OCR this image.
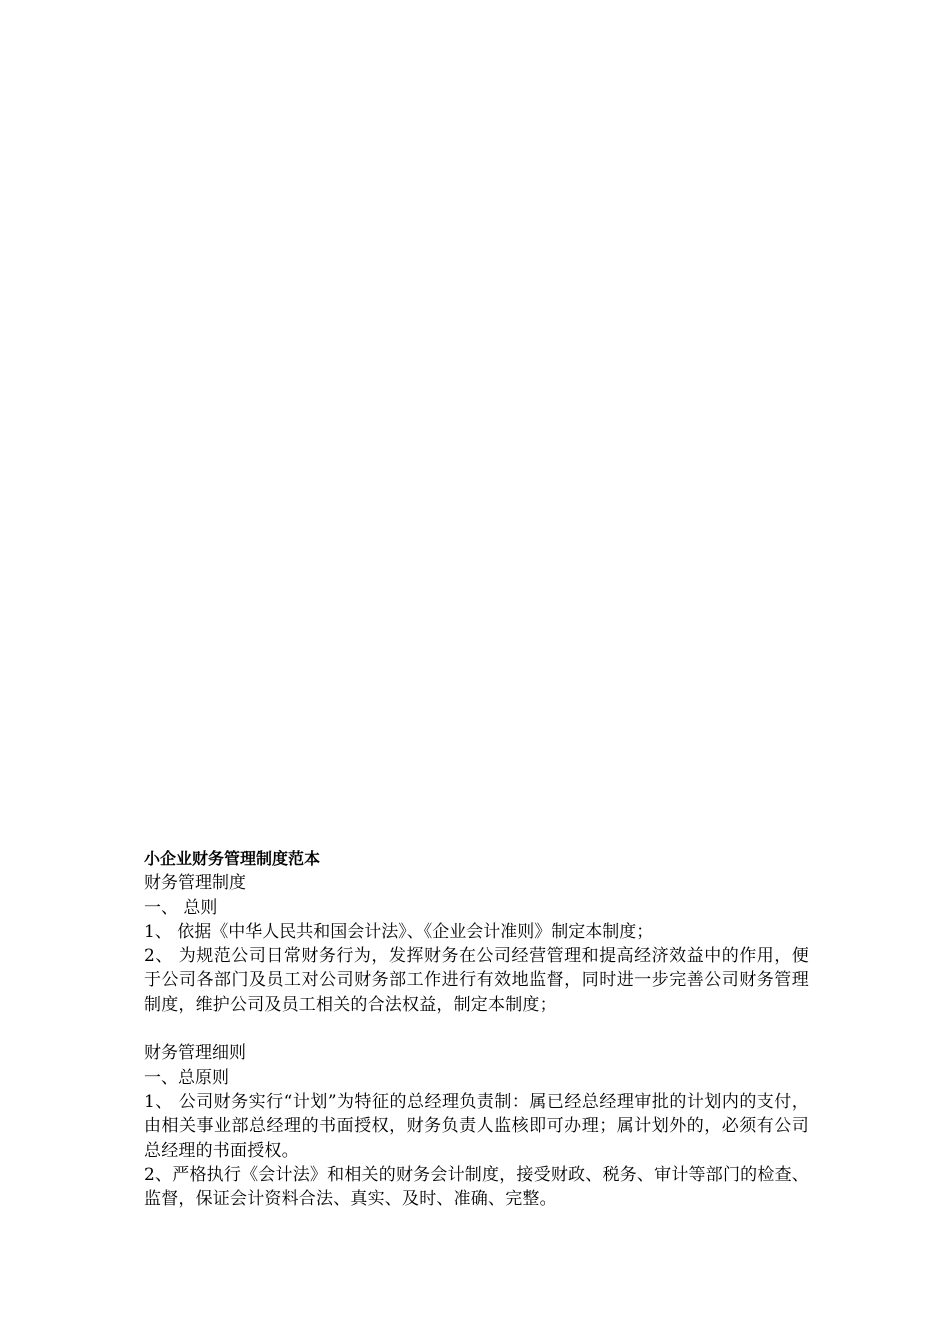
小企业财务管理制度范本
财务管理制度
一、 总则
1、 依据《中华人民共和国会计法》、《企业会计准则》制定本制度；
2、 为规范公司日常财务行为，发挥财务在公司经营管理和提高经济效益中的作用，便于公司各部门及员工对公司财务部工作进行有效地监督，同时进一步完善公司财务管理制度，维护公司及员工相关的合法权益，制定本制度；
财务管理细则
一、总原则
1、 公司财务实行“计划”为特征的总经理负责制：属已经总经理审批的计划内的支付，由相关事业部总经理的书面授权，财务负责人监核即可办理；属计划外的，必须有公司总经理的书面授权。
2、严格执行《会计法》和相关的财务会计制度，接受财政、税务、审计等部门的检查、监督，保证会计资料合法、真实、及时、准确、完整。
